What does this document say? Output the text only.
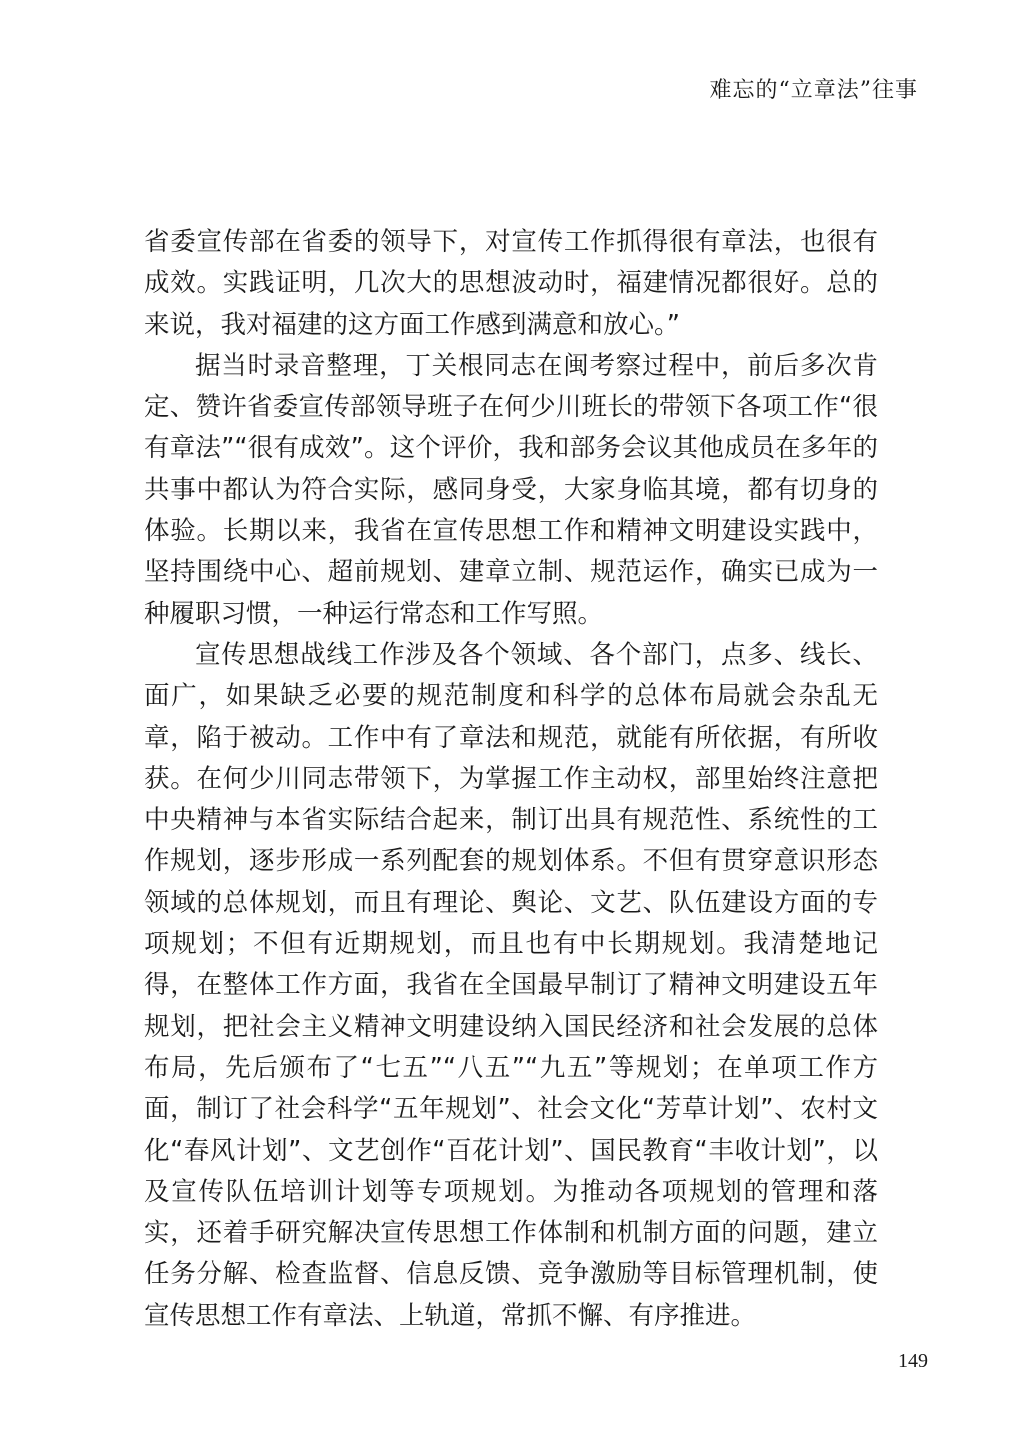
难忘的“立章法”往事

省委宣传部在省委的领导下，对宣传工作抓得很有章法，也很有成效。实践证明，几次大的思想波动时，福建情况都很好。总的来说，我对福建的这方面工作感到满意和放心。”

据当时录音整理，丁关根同志在闽考察过程中，前后多次肯定、赞许省委宣传部领导班子在何少川班长的带领下各项工作“很有章法”“很有成效”。这个评价，我和部务会议其他成员在多年的共事中都认为符合实际，感同身受，大家身临其境，都有切身的体验。长期以来，我省在宣传思想工作和精神文明建设实践中，坚持围绕中心、超前规划、建章立制、规范运作，确实已成为一种履职习惯，一种运行常态和工作写照。

宣传思想战线工作涉及各个领域、各个部门，点多、线长、面广，如果缺乏必要的规范制度和科学的总体布局就会杂乱无章，陷于被动。工作中有了章法和规范，就能有所依据，有所收获。在何少川同志带领下，为掌握工作主动权，部里始终注意把中央精神与本省实际结合起来，制订出具有规范性、系统性的工作规划，逐步形成一系列配套的规划体系。不但有贯穿意识形态领域的总体规划，而且有理论、舆论、文艺、队伍建设方面的专项规划；不但有近期规划，而且也有中长期规划。我清楚地记得，在整体工作方面，我省在全国最早制订了精神文明建设五年规划，把社会主义精神文明建设纳入国民经济和社会发展的总体布局，先后颁布了“七五”“八五”“九五”等规划；在单项工作方面，制订了社会科学“五年规划”、社会文化“芳草计划”、农村文化“春风计划”、文艺创作“百花计划”、国民教育“丰收计划”，以及宣传队伍培训计划等专项规划。为推动各项规划的管理和落实，还着手研究解决宣传思想工作体制和机制方面的问题，建立任务分解、检查监督、信息反馈、竞争激励等目标管理机制，使宣传思想工作有章法、上轨道，常抓不懈、有序推进。

149
